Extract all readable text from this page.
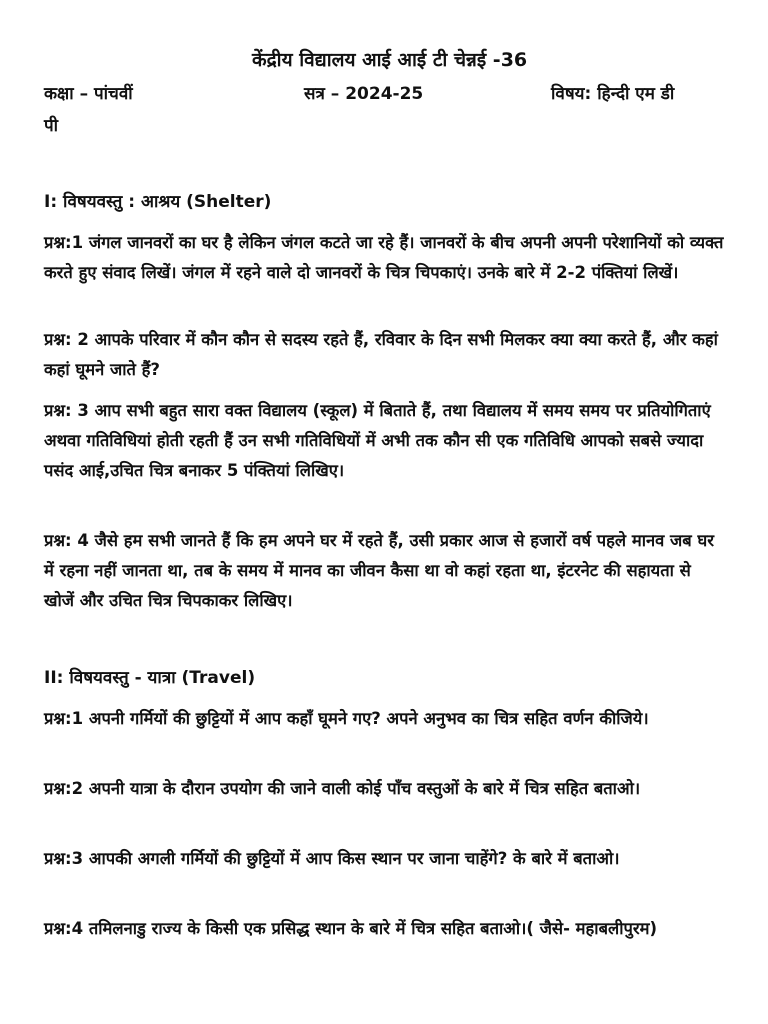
केंद्रीय विद्यालय आई आई टी चेन्नई -36
कक्षा – पांचवीं	सत्र – 2024-25	विषय: हिन्दी एम डी
पी
I: विषयवस्तु : आश्रय (Shelter)
प्रश्न:1 जंगल जानवरों का घर है लेकिन जंगल कटते जा रहे हैं। जानवरों के बीच अपनी अपनी परेशानियों को व्यक्त करते हुए संवाद लिखें। जंगल में रहने वाले दो जानवरों के चित्र चिपकाएं। उनके बारे में 2-2 पंक्तियां लिखें।
प्रश्न: 2 आपके परिवार में कौन कौन से सदस्य रहते हैं, रविवार के दिन सभी मिलकर क्या क्या करते हैं, और कहां कहां घूमने जाते हैं?
प्रश्न: 3 आप सभी बहुत सारा वक्त विद्यालय (स्कूल) में बिताते हैं, तथा विद्यालय में समय समय पर प्रतियोगिताएं अथवा गतिविधियां होती रहती हैं उन सभी गतिविधियों में अभी तक कौन सी एक गतिविधि आपको सबसे ज्यादा पसंद आई,उचित चित्र बनाकर 5 पंक्तियां लिखिए।
प्रश्न: 4 जैसे हम सभी जानते हैं कि हम अपने घर में रहते हैं, उसी प्रकार आज से हजारों वर्ष पहले मानव जब घर में रहना नहीं जानता था, तब के समय में मानव का जीवन कैसा था वो कहां रहता था, इंटरनेट की सहायता से खोजें और उचित चित्र चिपकाकर लिखिए।
II: विषयवस्तु - यात्रा (Travel)
प्रश्न:1 अपनी गर्मियों की छुट्टियों में आप कहाँ घूमने गए? अपने अनुभव का चित्र सहित वर्णन कीजिये।
प्रश्न:2 अपनी यात्रा के दौरान उपयोग की जाने वाली कोई पाँच वस्तुओं के बारे में चित्र सहित बताओ।
प्रश्न:3 आपकी अगली गर्मियों की छुट्टियों में आप किस स्थान पर जाना चाहेंगे? के बारे में बताओ।
प्रश्न:4 तमिलनाडु राज्य के किसी एक प्रसिद्ध स्थान के बारे में चित्र सहित बताओ।( जैसे- महाबलीपुरम)
